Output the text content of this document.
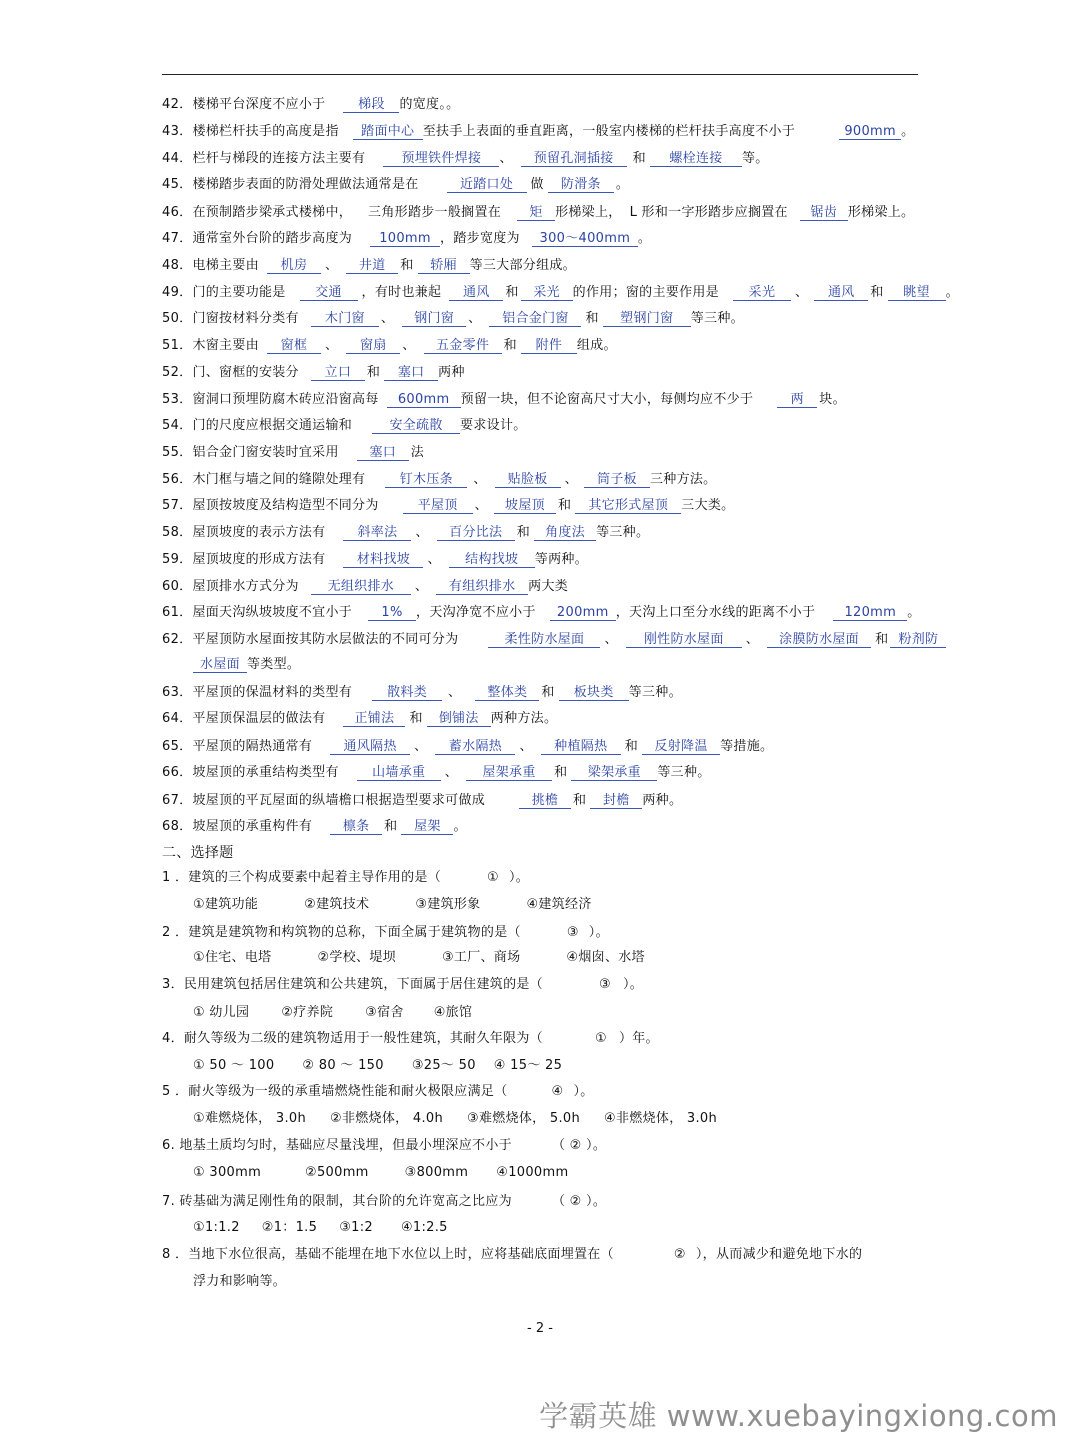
42．楼梯平台深度不应小于	梯段 的宽度。。
43．楼梯栏杆扶手的高度是指 踏面中心 至扶手上表面的垂直距离，一般室内楼梯的栏杆扶手高度不小于	900mm 。
44．栏杆与梯段的连接方法主要有	预埋铁件焊接 、 预留孔洞插接 和 螺栓连接 等。
45．楼梯踏步表面的防滑处理做法通常是在	近踏口处 做 防滑条 。
46．在预制踏步梁承式楼梯中， 三角形踏步一般搁置在 矩 形梯梁上， L 形和一字形踏步应搁置在 锯齿 形梯梁上。
47．通常室外台阶的踏步高度为 100mm ，踏步宽度为 300～400mm 。
48．电梯主要由 机房 、 井道 和 轿厢 等三大部分组成。
49．门的主要功能是 交通 ，有时也兼起 通风 和 采光 的作用；窗的主要作用是 采光 、 通风 和 眺望 。
50．门窗按材料分类有 木门窗 、 钢门窗 、 铝合金门窗 和 塑钢门窗 等三种。
51．木窗主要由 窗框 、 窗扇 、 五金零件 和 附件 组成。
52．门、窗框的安装分 立口 和 塞口 两种
53．窗洞口预埋防腐木砖应沿窗高每 600mm 预留一块，但不论窗高尺寸大小，每侧均应不少于	两 块。
54．门的尺度应根据交通运输和	安全疏散 要求设计。
55．铝合金门窗安装时宜采用 塞口 法
56．木门框与墙之间的缝隙处理有	钉木压条 、 贴脸板 、 筒子板 三种方法。
57．屋顶按坡度及结构造型不同分为	平屋顶 、 坡屋顶 和 其它形式屋顶 三大类。
58．屋顶坡度的表示方法有 斜率法 、 百分比法 和 角度法 等三种。
59．屋顶坡度的形成方法有 材料找坡 、 结构找坡 等两种。
60．屋顶排水方式分为 无组织排水 、 有组织排水 两大类
61．屋面天沟纵坡坡度不宜小于 1% ，天沟净宽不应小于 200mm ，天沟上口至分水线的距离不小于 120mm 。
62．平屋顶防水屋面按其防水层做法的不同可分为	柔性防水屋面 、 刚性防水屋面 、 涂膜防水屋面 和 粉剂防
水屋面 等类型。
63．平屋顶的保温材料的类型有	散料类 、 整体类 和 板块类 等三种。
64．平屋顶保温层的做法有 正铺法 和 倒铺法 两种方法。
65．平屋顶的隔热通常有 通风隔热 、 蓄水隔热 、 种植隔热 和 反射降温 等措施。
66．坡屋顶的承重结构类型有	山墙承重 、 屋架承重 和 梁架承重 等三种。
67．坡屋顶的平瓦屋面的纵墙檐口根据造型要求可做成	挑檐 和 封檐 两种。
68．坡屋顶的承重构件有 檩条 和 屋架 。
二、选择题
1 ．建筑的三个构成要素中起着主导作用的是（	① ）。
①建筑功能	②建筑技术	③建筑形象	④建筑经济
2 ．建筑是建筑物和构筑物的总称，下面全属于建筑物的是（	③ ）。
①住宅、电塔	②学校、堤坝	③工厂、商场	④烟囱、水塔
3．民用建筑包括居住建筑和公共建筑，下面属于居住建筑的是（	③ ）。
① 幼儿园 ②疗养院 ③宿舍 ④旅馆
4．耐久等级为二级的建筑物适用于一般性建筑，其耐久年限为（	① ）年。
① 50 ～ 100 ② 80 ～ 150 ③25～ 50 ④ 15～ 25
5 ．耐火等级为一级的承重墙燃烧性能和耐火极限应满足（	④ ）。
①难燃烧体， 3.0h ②非燃烧体， 4.0h ③难燃烧体， 5.0h ④非燃烧体， 3.0h
6. 地基土质均匀时，基础应尽量浅埋，但最小埋深应不小于	（ ② ）。
① 300mm	②500mm	③800mm ④1000mm
7. 砖基础为满足刚性角的限制，其台阶的允许宽高之比应为	（ ② ）。
①1:1.2 ②1：1.5 ③1:2 ④1:2.5
8 ．当地下水位很高，基础不能埋在地下水位以上时，应将基础底面埋置在（	② ），从而减少和避免地下水的
浮力和影响等。
- 2 -
学霸英雄 www.xuebayingxiong.com
